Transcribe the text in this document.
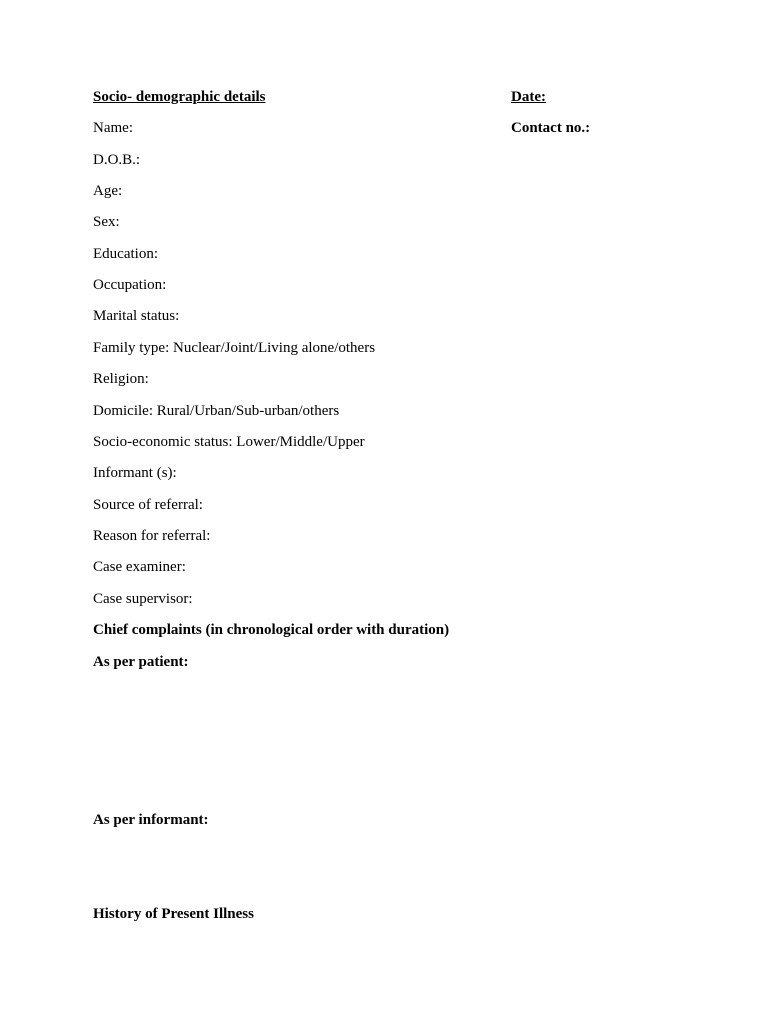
Socio- demographic details	Date:
Name:	Contact no.:
D.O.B.:
Age:
Sex:
Education:
Occupation:
Marital status:
Family type: Nuclear/Joint/Living alone/others
Religion:
Domicile: Rural/Urban/Sub-urban/others
Socio-economic status: Lower/Middle/Upper
Informant (s):
Source of referral:
Reason for referral:
Case examiner:
Case supervisor:
Chief complaints (in chronological order with duration)
As per patient:
As per informant:
History of Present Illness
